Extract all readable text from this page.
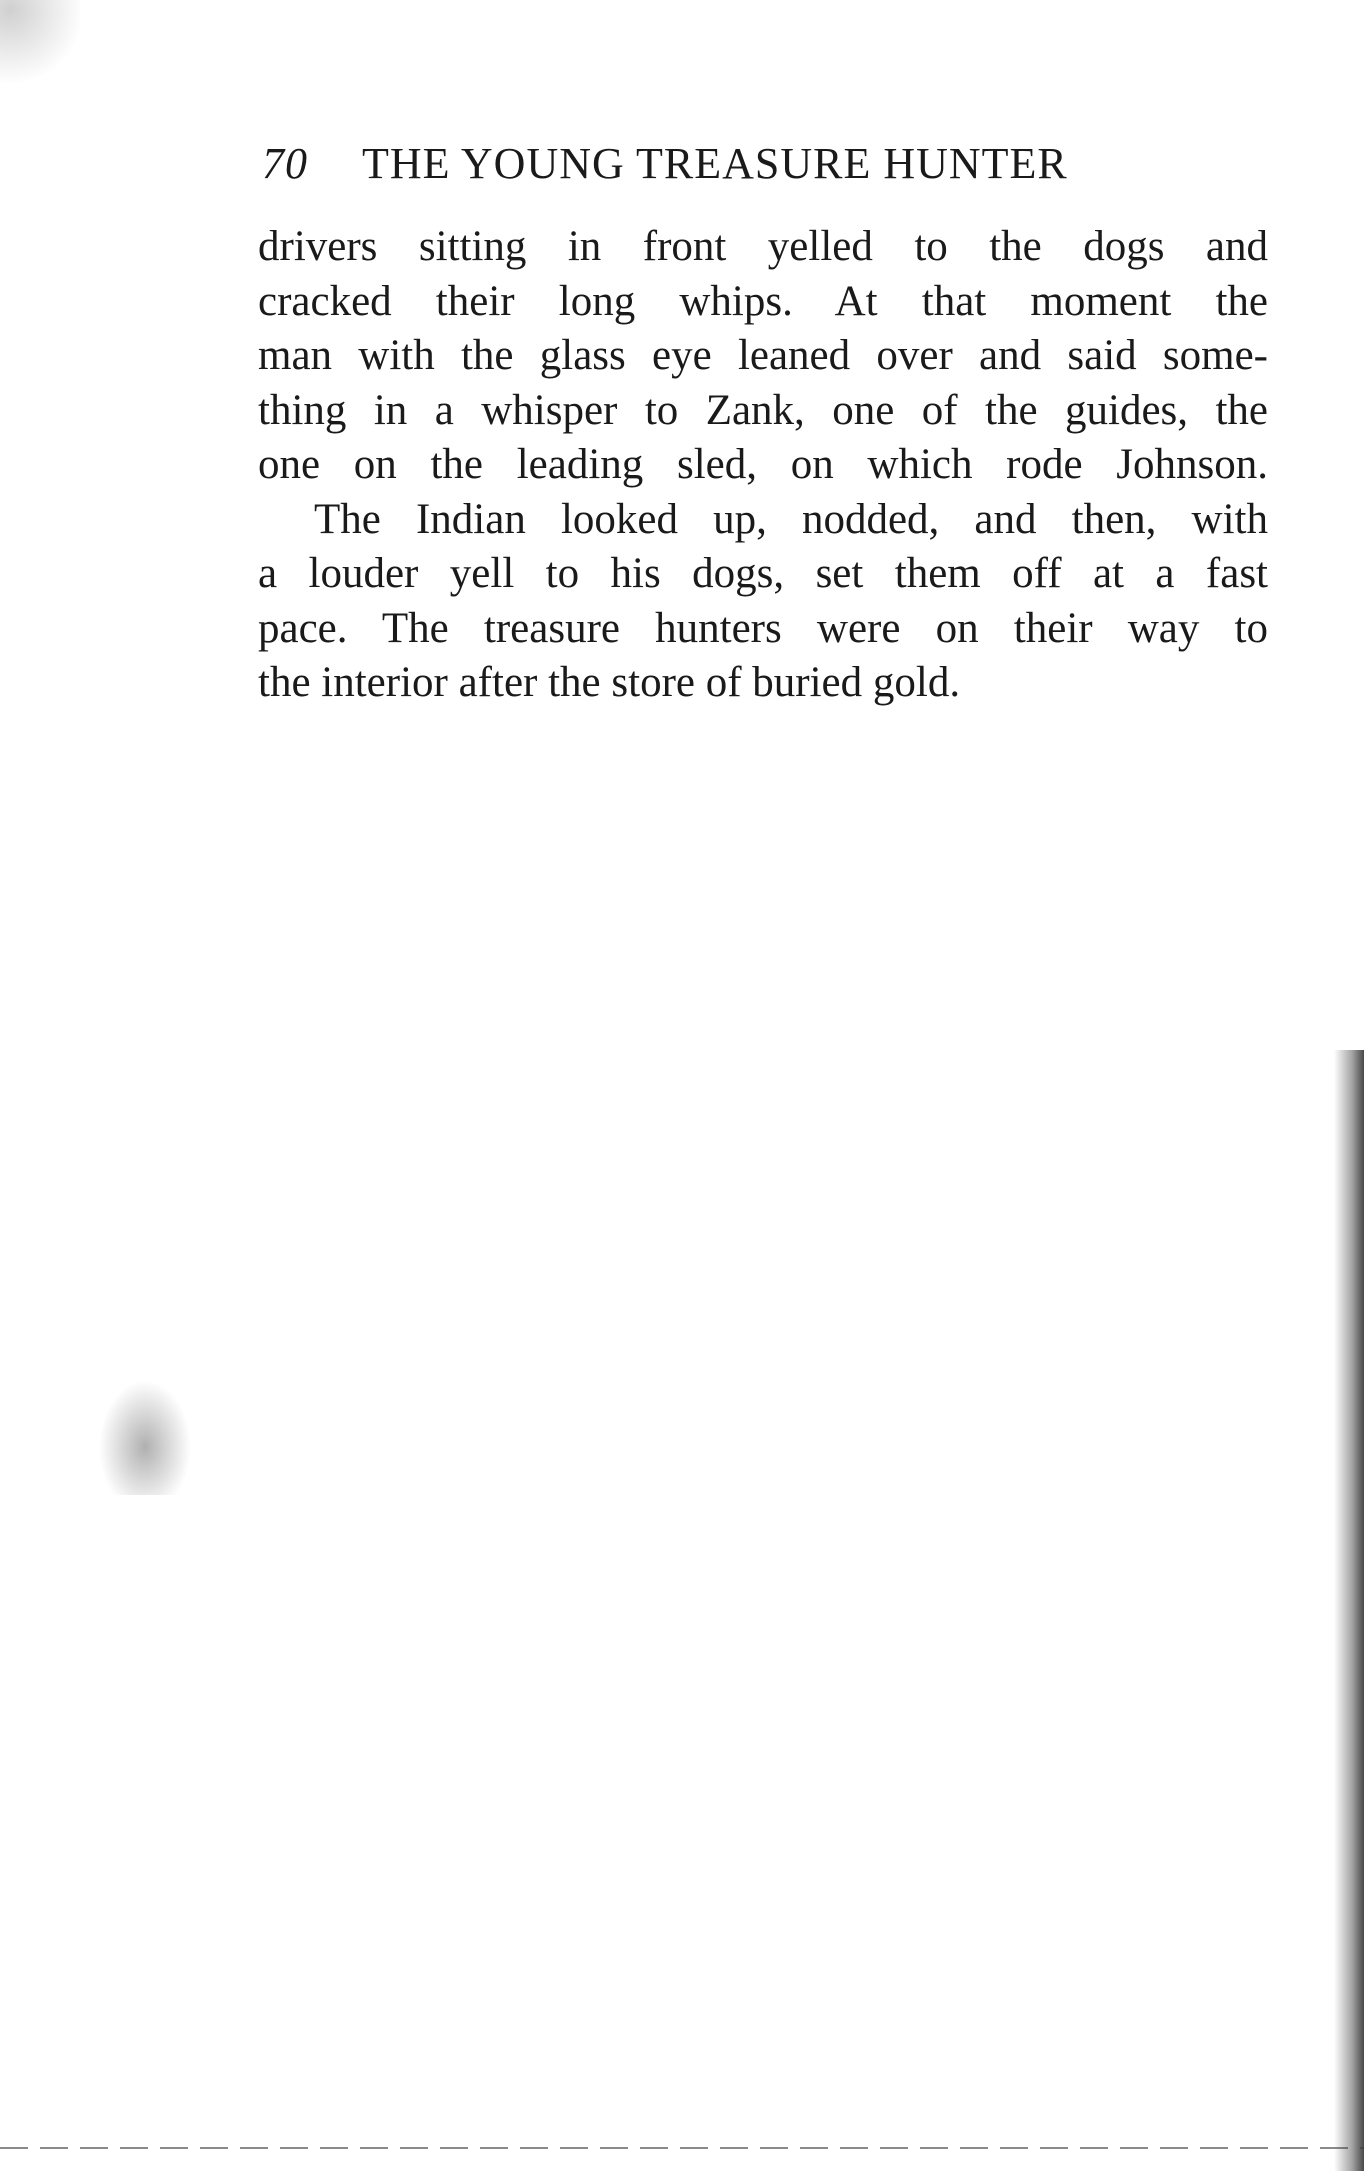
70 THE YOUNG TREASURE HUNTER
drivers sitting in front yelled to the dogs and
cracked their long whips. At that moment the
man with the glass eye leaned over and said some-
thing in a whisper to Zank, one of the guides, the
one on the leading sled, on which rode Johnson.
The Indian looked up, nodded, and then, with
a louder yell to his dogs, set them off at a fast
pace. The treasure hunters were on their way to
the interior after the store of buried gold.
